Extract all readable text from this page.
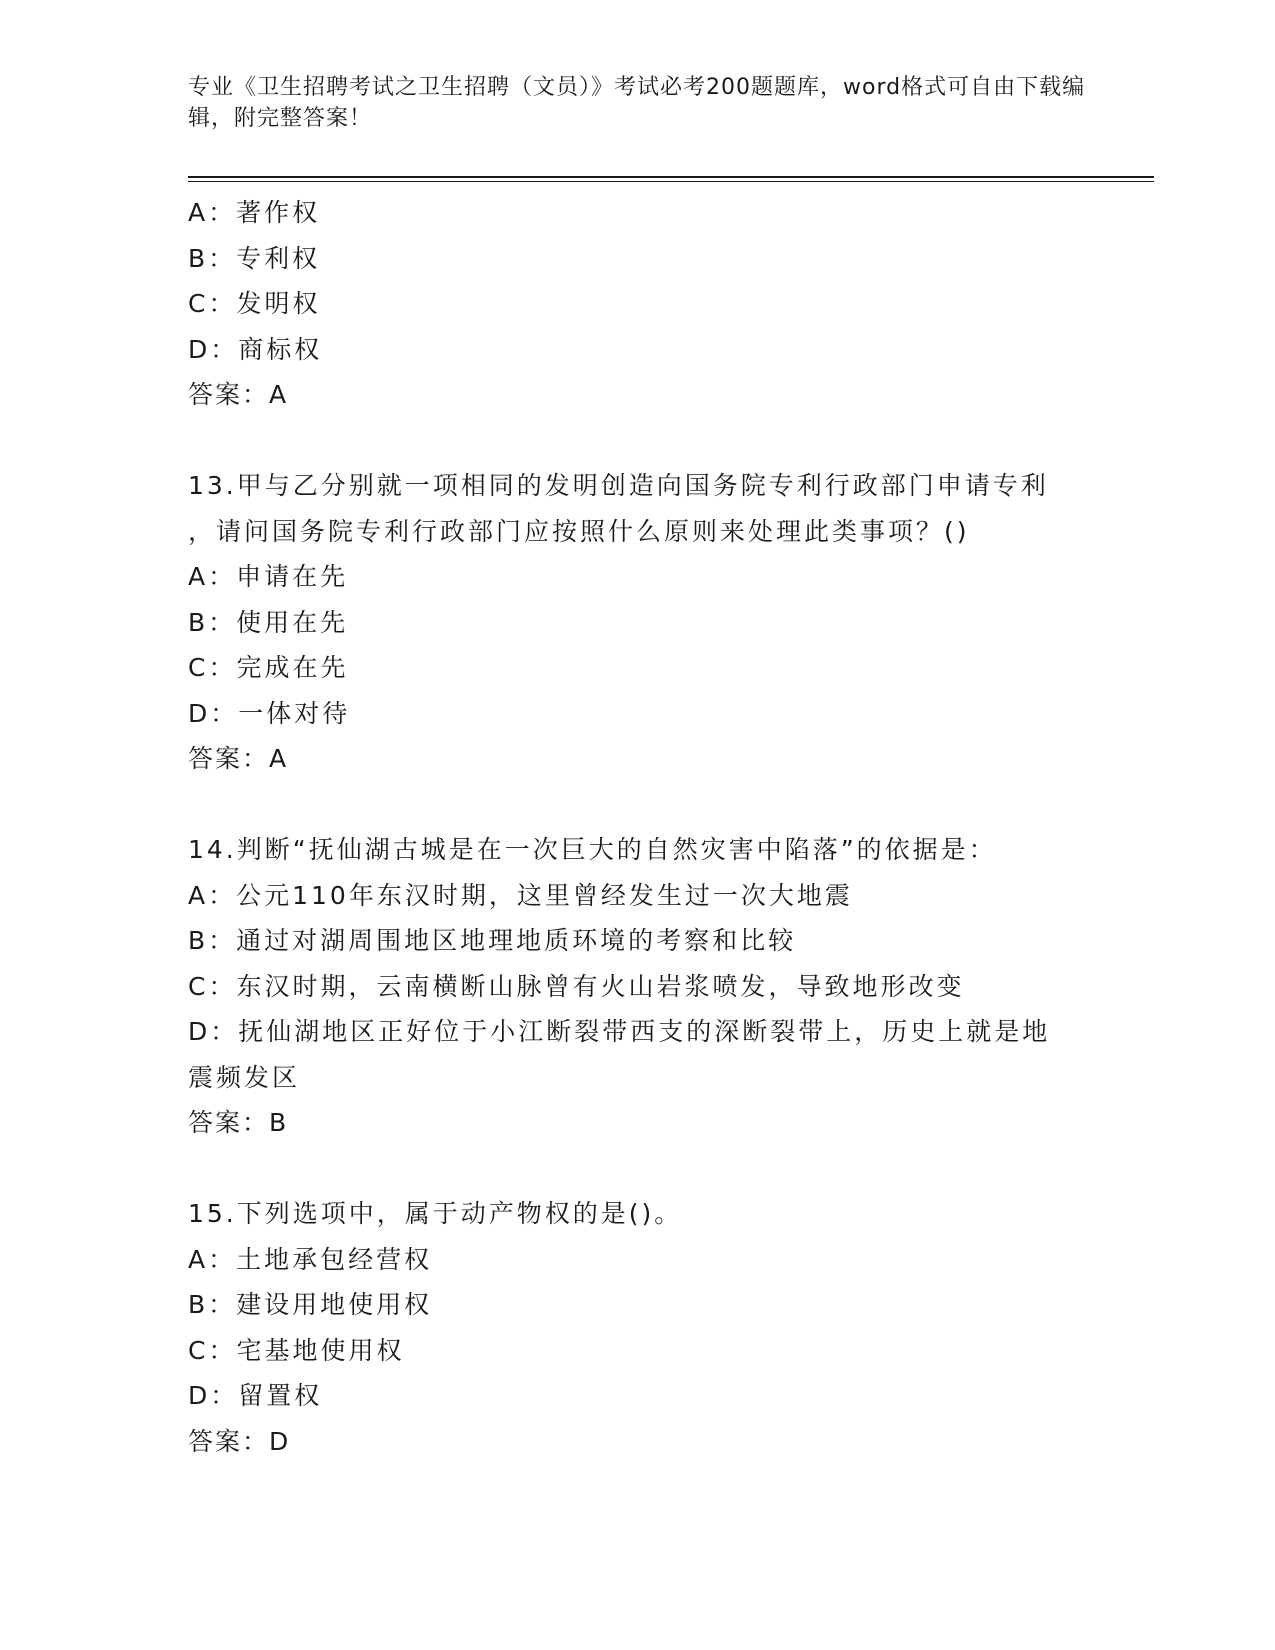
专业《卫生招聘考试之卫生招聘（文员）》考试必考200题题库，word格式可自由下载编辑，附完整答案！
A：著作权
B：专利权
C：发明权
D：商标权
答案：A
13.甲与乙分别就一项相同的发明创造向国务院专利行政部门申请专利
，请问国务院专利行政部门应按照什么原则来处理此类事项？()
A：申请在先
B：使用在先
C：完成在先
D：一体对待
答案：A
14.判断“抚仙湖古城是在一次巨大的自然灾害中陷落”的依据是：
A：公元110年东汉时期，这里曾经发生过一次大地震
B：通过对湖周围地区地理地质环境的考察和比较
C：东汉时期，云南横断山脉曾有火山岩浆喷发，导致地形改变
D：抚仙湖地区正好位于小江断裂带西支的深断裂带上，历史上就是地
震频发区
答案：B
15.下列选项中，属于动产物权的是()。
A：土地承包经营权
B：建设用地使用权
C：宅基地使用权
D：留置权
答案：D
